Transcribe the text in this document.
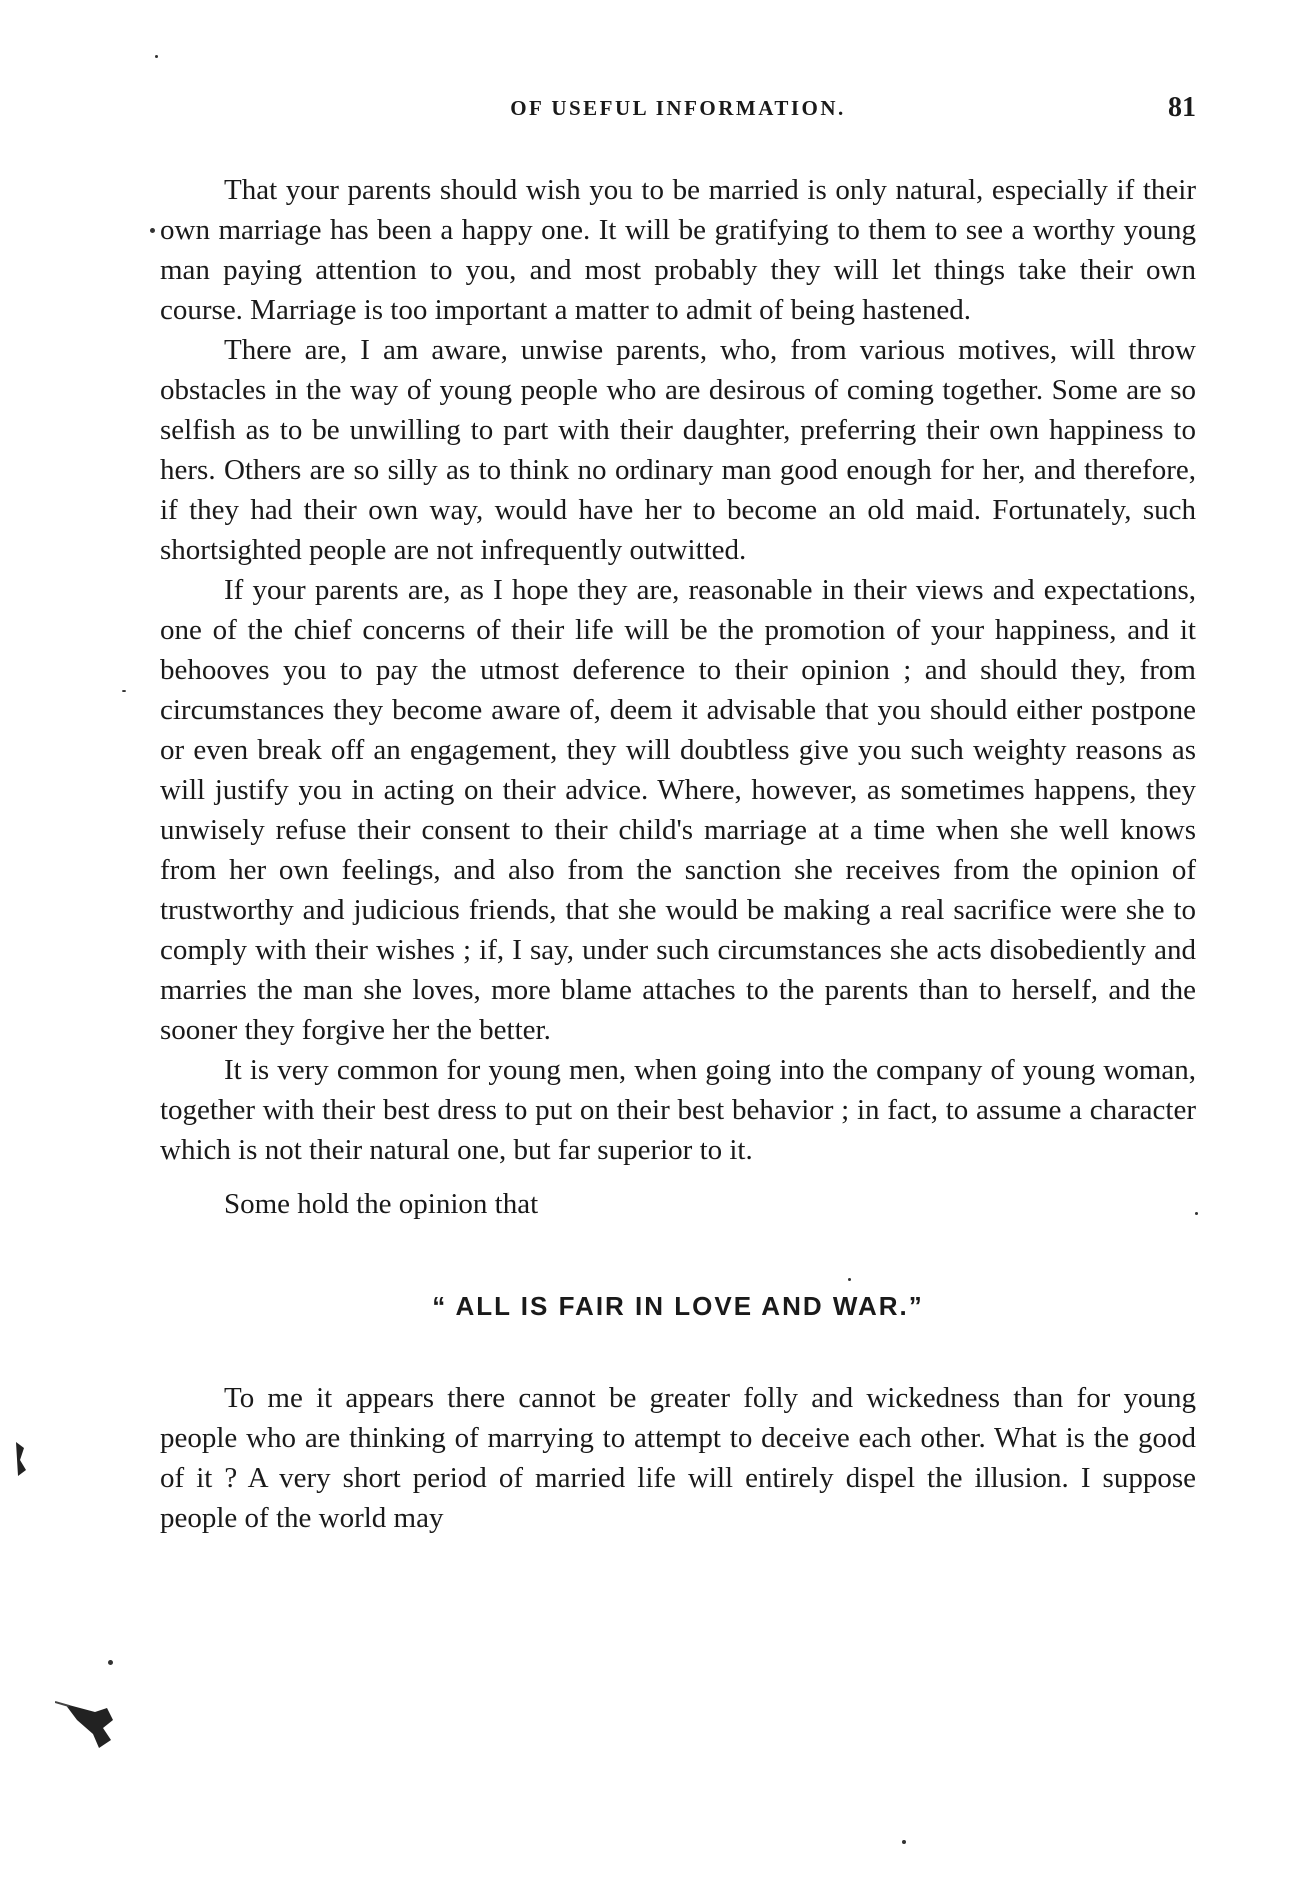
OF USEFUL INFORMATION.	81

That your parents should wish you to be married is only natural, especially if their own marriage has been a happy one. It will be gratifying to them to see a worthy young man paying attention to you, and most probably they will let things take their own course. Marriage is too important a matter to admit of being hastened.

There are, I am aware, unwise parents, who, from various motives, will throw obstacles in the way of young people who are desirous of coming together. Some are so selfish as to be unwilling to part with their daughter, preferring their own happiness to hers. Others are so silly as to think no ordinary man good enough for her, and therefore, if they had their own way, would have her to become an old maid. Fortunately, such shortsighted people are not infrequently outwitted.

If your parents are, as I hope they are, reasonable in their views and expectations, one of the chief concerns of their life will be the promotion of your happiness, and it behooves you to pay the utmost deference to their opinion ; and should they, from circumstances they become aware of, deem it advisable that you should either postpone or even break off an engagement, they will doubtless give you such weighty reasons as will justify you in acting on their advice. Where, however, as sometimes happens, they unwisely refuse their consent to their child's marriage at a time when she well knows from her own feelings, and also from the sanction she receives from the opinion of trustworthy and judicious friends, that she would be making a real sacrifice were she to comply with their wishes ; if, I say, under such circumstances she acts disobediently and marries the man she loves, more blame attaches to the parents than to herself, and the sooner they forgive her the better.

It is very common for young men, when going into the company of young woman, together with their best dress to put on their best behavior ; in fact, to assume a character which is not their natural one, but far superior to it.

Some hold the opinion that

“ ALL IS FAIR IN LOVE AND WAR.”

To me it appears there cannot be greater folly and wickedness than for young people who are thinking of marrying to attempt to deceive each other. What is the good of it ? A very short period of married life will entirely dispel the illusion. I suppose people of the world may
